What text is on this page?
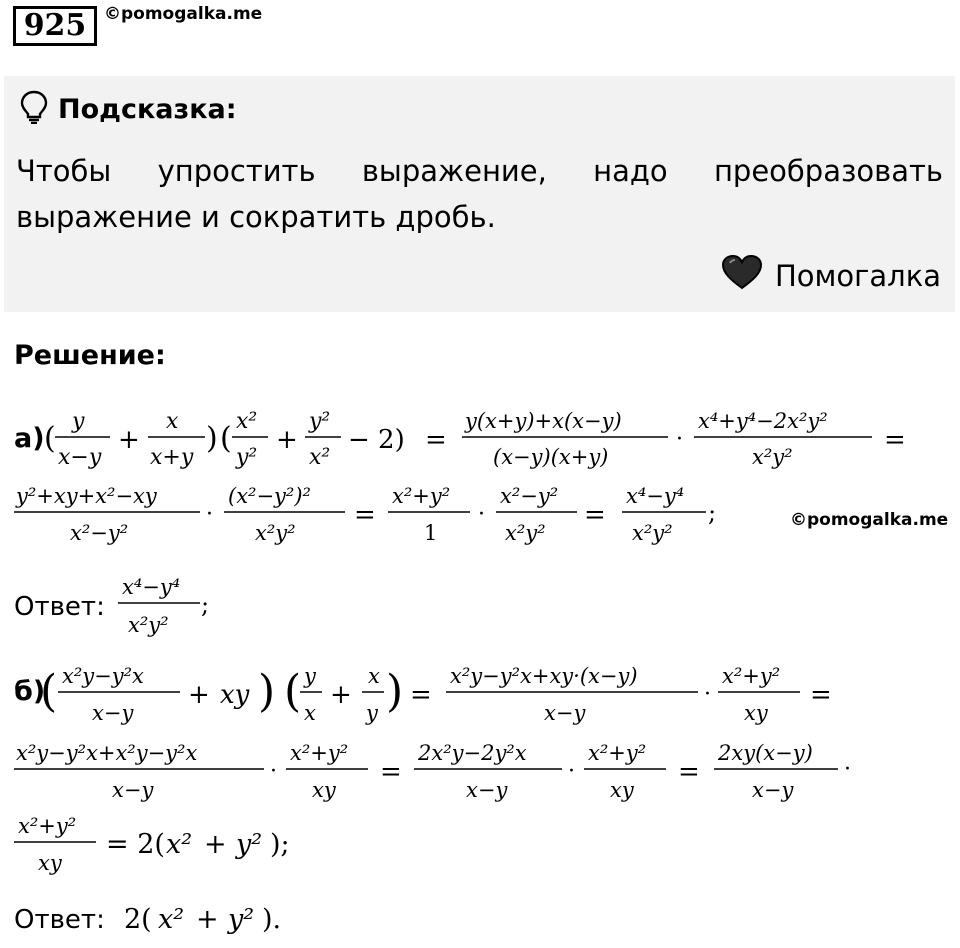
925	©pomogalka.me
Подсказка:
Чтобы упростить выражение, надо преобразовать выражение и сократить дробь.
Помогалка
Решение:
©pomogalka.me
а) ( y
x−y
+
x
x+y
) ( x²
y²
+
y²
x²
− 2) =
y(x+y)+x(x−y)
(x−y)(x+y)
·
x⁴+y⁴−2x²y²
x²y²
=
y²+xy+x²−xy
x²−y²
·
(x²−y²)²
x²y²
=
x²+y²
1
·
x²−y²
x²y²
=
x⁴−y⁴
x²y²
;
Ответ:
x⁴−y⁴
x²y²
;
б)
( x²y−y²x
x−y
+ xy ) ( y
x
+
x
y ) =
x²y−y²x+xy·(x−y)
x−y
·
x²+y²
xy
=
x²y−y²x+x²y−y²x
x−y
·
x²+y²
xy
=
2x²y−2y²x
x−y
·
x²+y²
xy
=
2xy(x−y)
x−y
·
x²+y²
xy
= 2( x² + y² );
Ответ: 2( x² + y² ).
